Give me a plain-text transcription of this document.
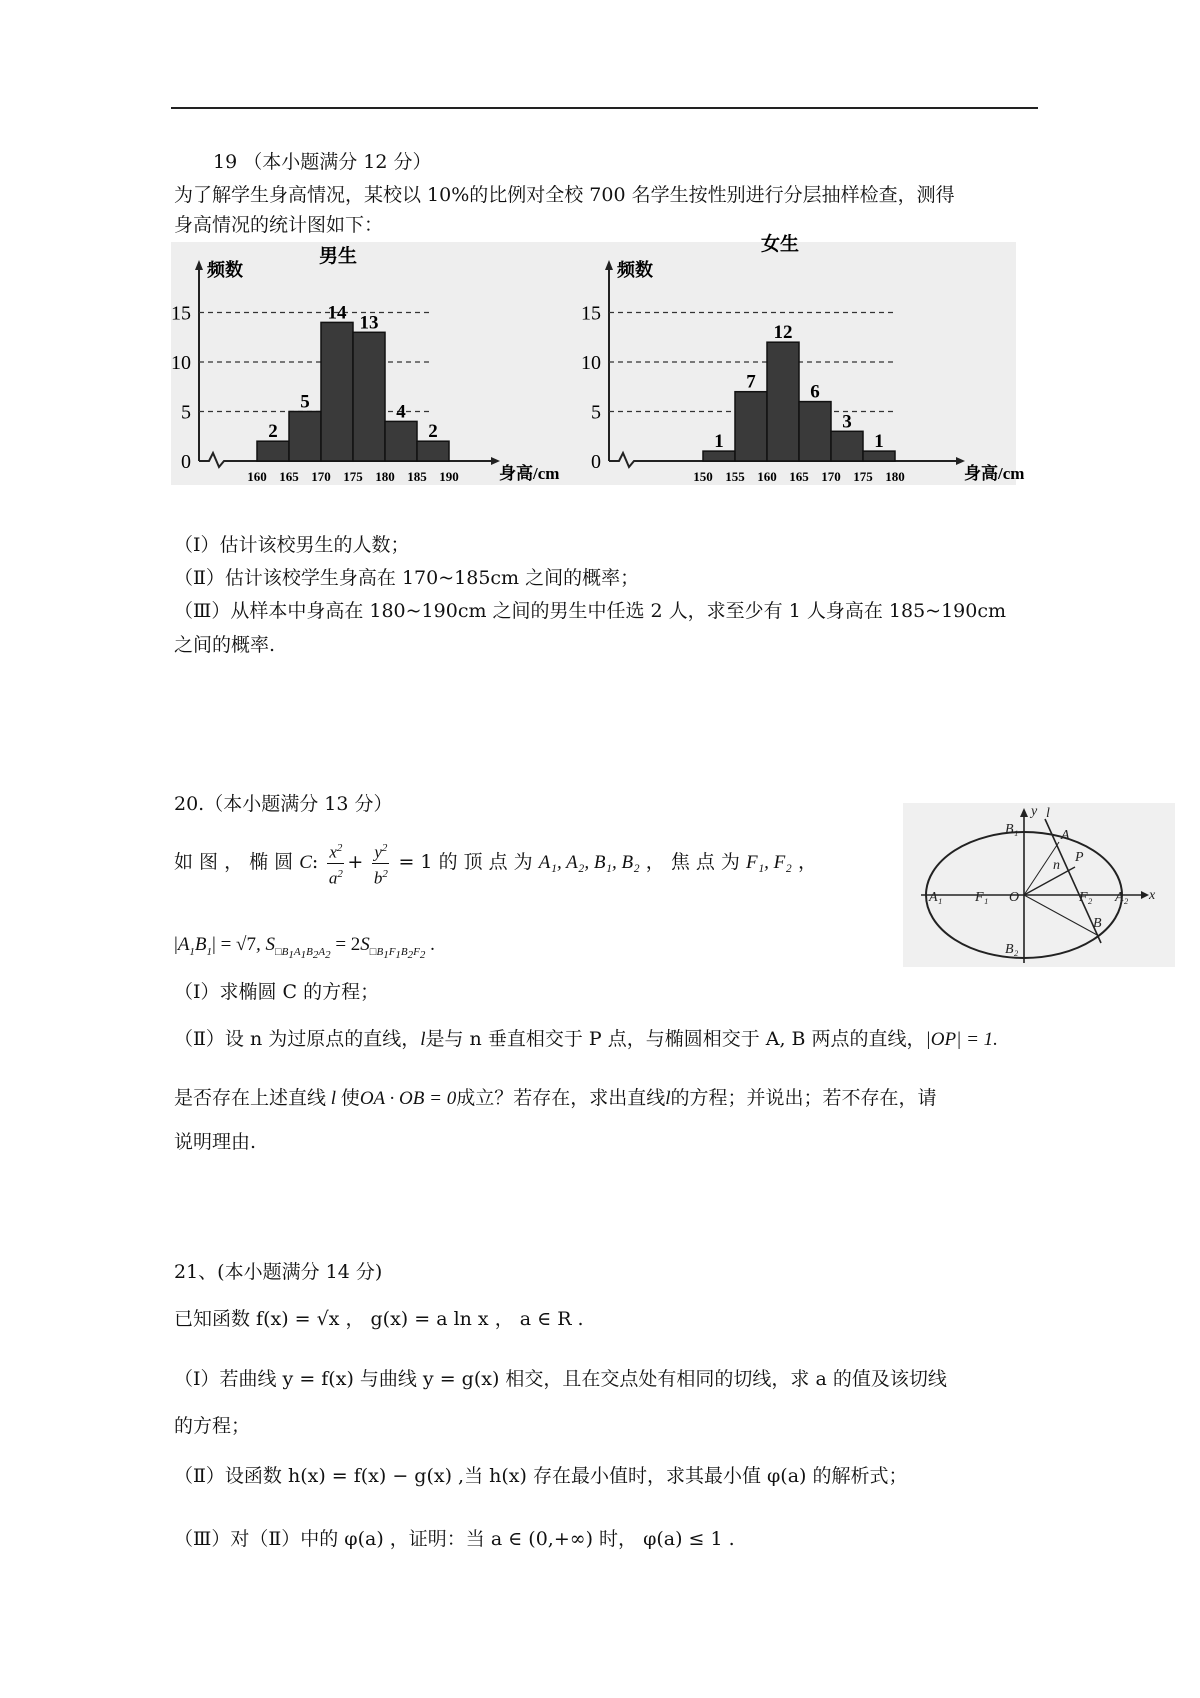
19 （本小题满分 12 分）
为了解学生身高情况，某校以 10%的比例对全校 700 名学生按性别进行分层抽样检查，测得
身高情况的统计图如下：
0
5
10
15
2
5
14 13
4
2
160 165 170 175 180 185 190
频数
身高/cm
男生
0
5
10
15
1
7
12
6
3
1
150 155 160 165 170 175 180
频数
身高/cm
女生
（Ⅰ）估计该校男生的人数；
（Ⅱ）估计该校学生身高在 170~185cm 之间的概率；
（Ⅲ）从样本中身高在 180~190cm 之间的男生中任选 2 人，求至少有 1 人身高在 185~190cm
之间的概率.
20.（本小题满分 13 分）
如 图 ， 椭 圆 C: $\frac{x^2}{a^2} + \frac{y^2}{b^2} = 1$ 的 顶 点 为 A₁, A₂, B₁, B₂ ， 焦 点 为 F₁, F₂ ，
$|A_1B_1| = √7$, $S_{□B_1A_1B_2A_2} = 2S_{□B_1F_1B_2F_2}$ .
（Ⅰ）求椭圆 C 的方程；
（Ⅱ）设 n 为过原点的直线，l是与 n 垂直相交于 P 点，与椭圆相交于 A, B 两点的直线，|OP| = 1.
是否存在上述直线 l 使OA · OB = 0成立？若存在，求出直线l的方程；并说出；若不存在，请
说明理由.
y l
B₁	A
P
n
A₁ F₁ O	F₂ A₂ x
B
B₂
21、(本小题满分 14 分)
已知函数 f(x) = √x ， g(x) = a ln x ， a ∈ R .
（Ⅰ）若曲线 y = f(x) 与曲线 y = g(x) 相交，且在交点处有相同的切线，求 a 的值及该切线
的方程；
（Ⅱ）设函数 h(x) = f(x) − g(x) ,当 h(x) 存在最小值时，求其最小值 φ(a) 的解析式；
（Ⅲ）对（Ⅱ）中的 φ(a) ，证明：当 a ∈ (0,+∞) 时， φ(a) ≤ 1 .
